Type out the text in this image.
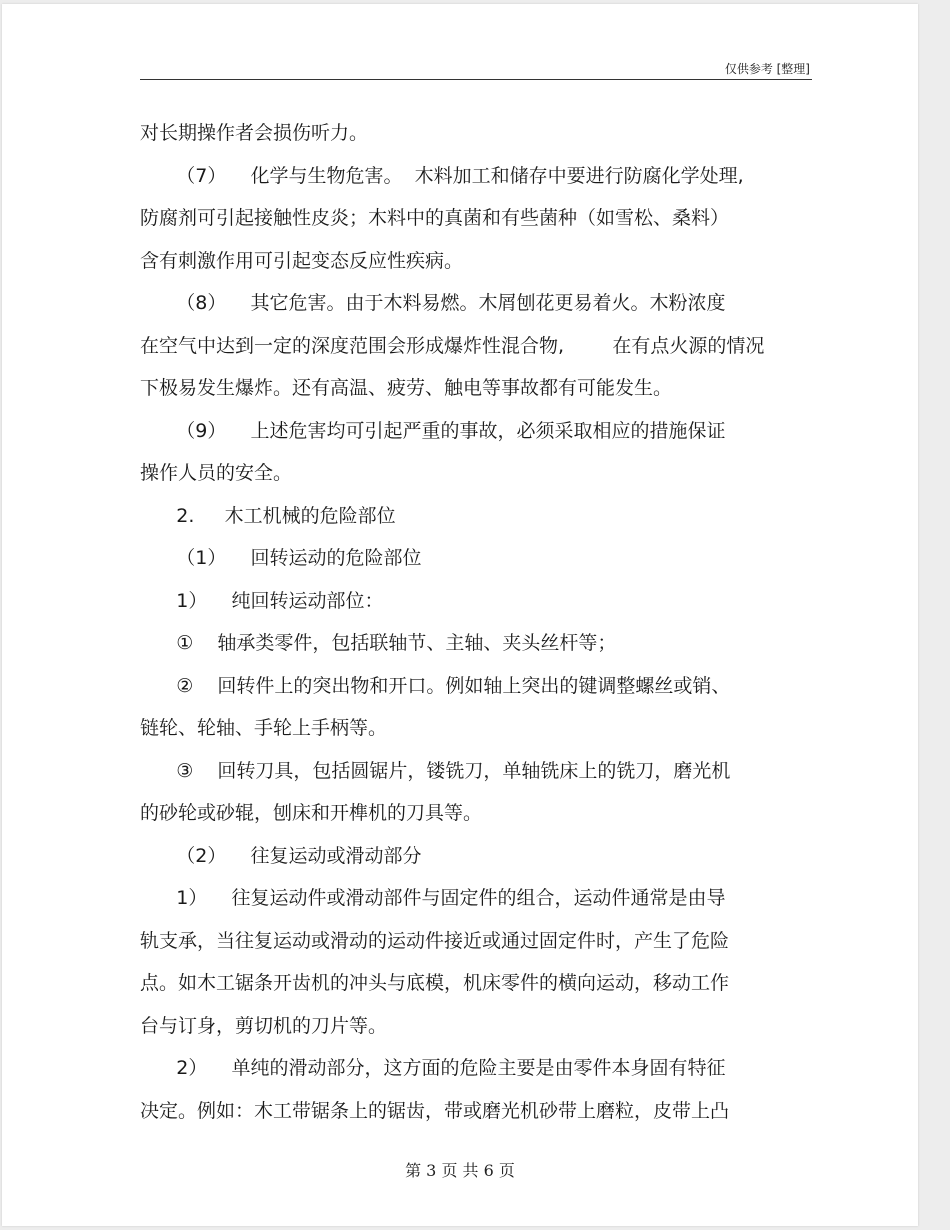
仅供参考 [整理]
对长期操作者会损伤听力。
（7）    化学与生物危害。  木料加工和储存中要进行防腐化学处理,
防腐剂可引起接触性皮炎；木料中的真菌和有些菌种（如雪松、桑料）
含有刺激作用可引起变态反应性疾病。
（8）    其它危害。由于木料易燃。木屑刨花更易着火。木粉浓度
在空气中达到一定的深度范围会形成爆炸性混合物,        在有点火源的情况
下极易发生爆炸。还有高温、疲劳、触电等事故都有可能发生。
（9）    上述危害均可引起严重的事故，必须采取相应的措施保证
操作人员的安全。
2.     木工机械的危险部位
（1）    回转运动的危险部位
1）    纯回转运动部位：
①    轴承类零件，包括联轴节、主轴、夹头丝杆等；
②    回转件上的突出物和开口。例如轴上突出的键调整螺丝或销、
链轮、轮轴、手轮上手柄等。
③    回转刀具，包括圆锯片，镂铣刀，单轴铣床上的铣刀，磨光机
的砂轮或砂辊，刨床和开榫机的刀具等。
（2）    往复运动或滑动部分
1）    往复运动件或滑动部件与固定件的组合，运动件通常是由导
轨支承，当往复运动或滑动的运动件接近或通过固定件时，产生了危险
点。如木工锯条开齿机的冲头与底模，机床零件的横向运动，移动工作
台与订身，剪切机的刀片等。
2）    单纯的滑动部分，这方面的危险主要是由零件本身固有特征
决定。例如：木工带锯条上的锯齿，带或磨光机砂带上磨粒，皮带上凸
第 3 页 共 6 页
